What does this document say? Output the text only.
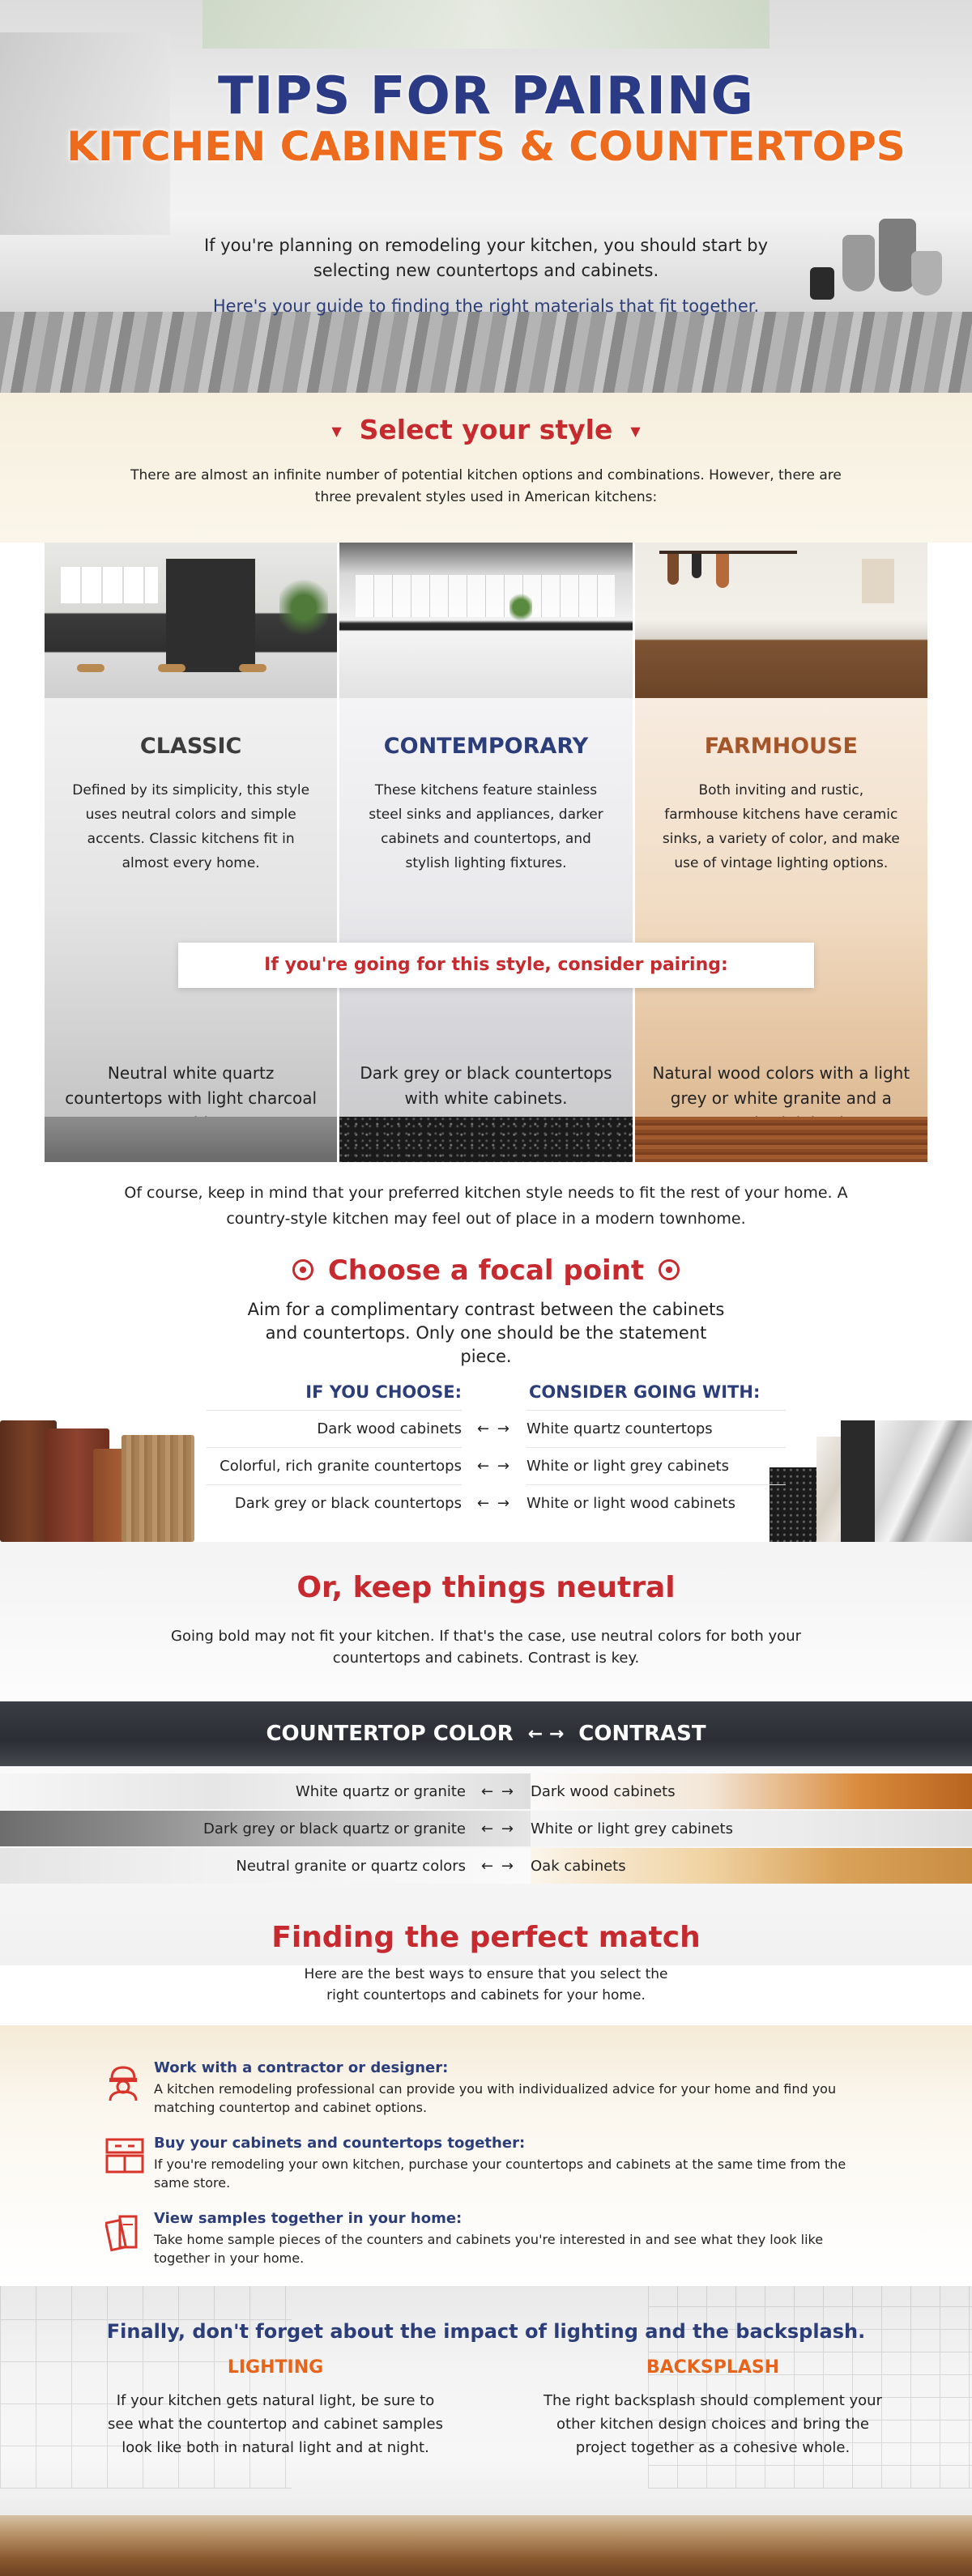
TIPS FOR PAIRING
KITCHEN CABINETS & COUNTERTOPS
If you're planning on remodeling your kitchen, you should start by selecting new countertops and cabinets.
Here's your guide to finding the right materials that fit together.
▼ Select your style ▼

There are almost an infinite number of potential kitchen options and combinations. However, there are three prevalent styles used in American kitchens:

CLASSIC

Defined by its simplicity, this style uses neutral colors and simple accents. Classic kitchens fit in almost every home.

Neutral white quartz countertops with light charcoal
CONTEMPORARY

These kitchens feature stainless steel sinks and appliances, darker cabinets and countertops, and stylish lighting fixtures.

Dark grey or black countertops with white cabinets.
FARMHOUSE

Both inviting and rustic, farmhouse kitchens have ceramic sinks, a variety of color, and make use of vintage lighting options.

Natural wood colors with a light grey or white granite and a
If you're going for this style, consider pairing:
Of course, keep in mind that your preferred kitchen style needs to fit the rest of your home. A country-style kitchen may feel out of place in a modern townhome.
Choose a focal point

Aim for a complimentary contrast between the cabinets and countertops. Only one should be the statement piece.

IF YOU CHOOSE:	CONSIDER GOING WITH:
Dark wood cabinets	← →	White quartz countertops
Colorful, rich granite countertops	← →	White or light grey cabinets
Dark grey or black countertops	← →	White or light wood cabinets
Or, keep things neutral

Going bold may not fit your kitchen. If that's the case, use neutral colors for both your countertops and cabinets. Contrast is key.

COUNTERTOP COLOR ← → CONTRAST
White quartz or granite	← →	Dark wood cabinets
Dark grey or black quartz or granite	← →	White or light grey cabinets
Neutral granite or quartz colors	← →	Oak cabinets
Finding the perfect match

Here are the best ways to ensure that you select the right countertops and cabinets for your home.

Work with a contractor or designer:

A kitchen remodeling professional can provide you with individualized advice for your home and find you matching countertop and cabinet options.

Buy your cabinets and countertops together:

If you're remodeling your own kitchen, purchase your countertops and cabinets at the same time from the same store.

View samples together in your home:

Take home sample pieces of the counters and cabinets you're interested in and see what they look like together in your home.

Finally, don't forget about the impact of lighting and the backsplash.
LIGHTING

If your kitchen gets natural light, be sure to see what the countertop and cabinet samples look like both in natural light and at night.

BACKSPLASH

The right backsplash should complement your other kitchen design choices and bring the project together as a cohesive whole.
